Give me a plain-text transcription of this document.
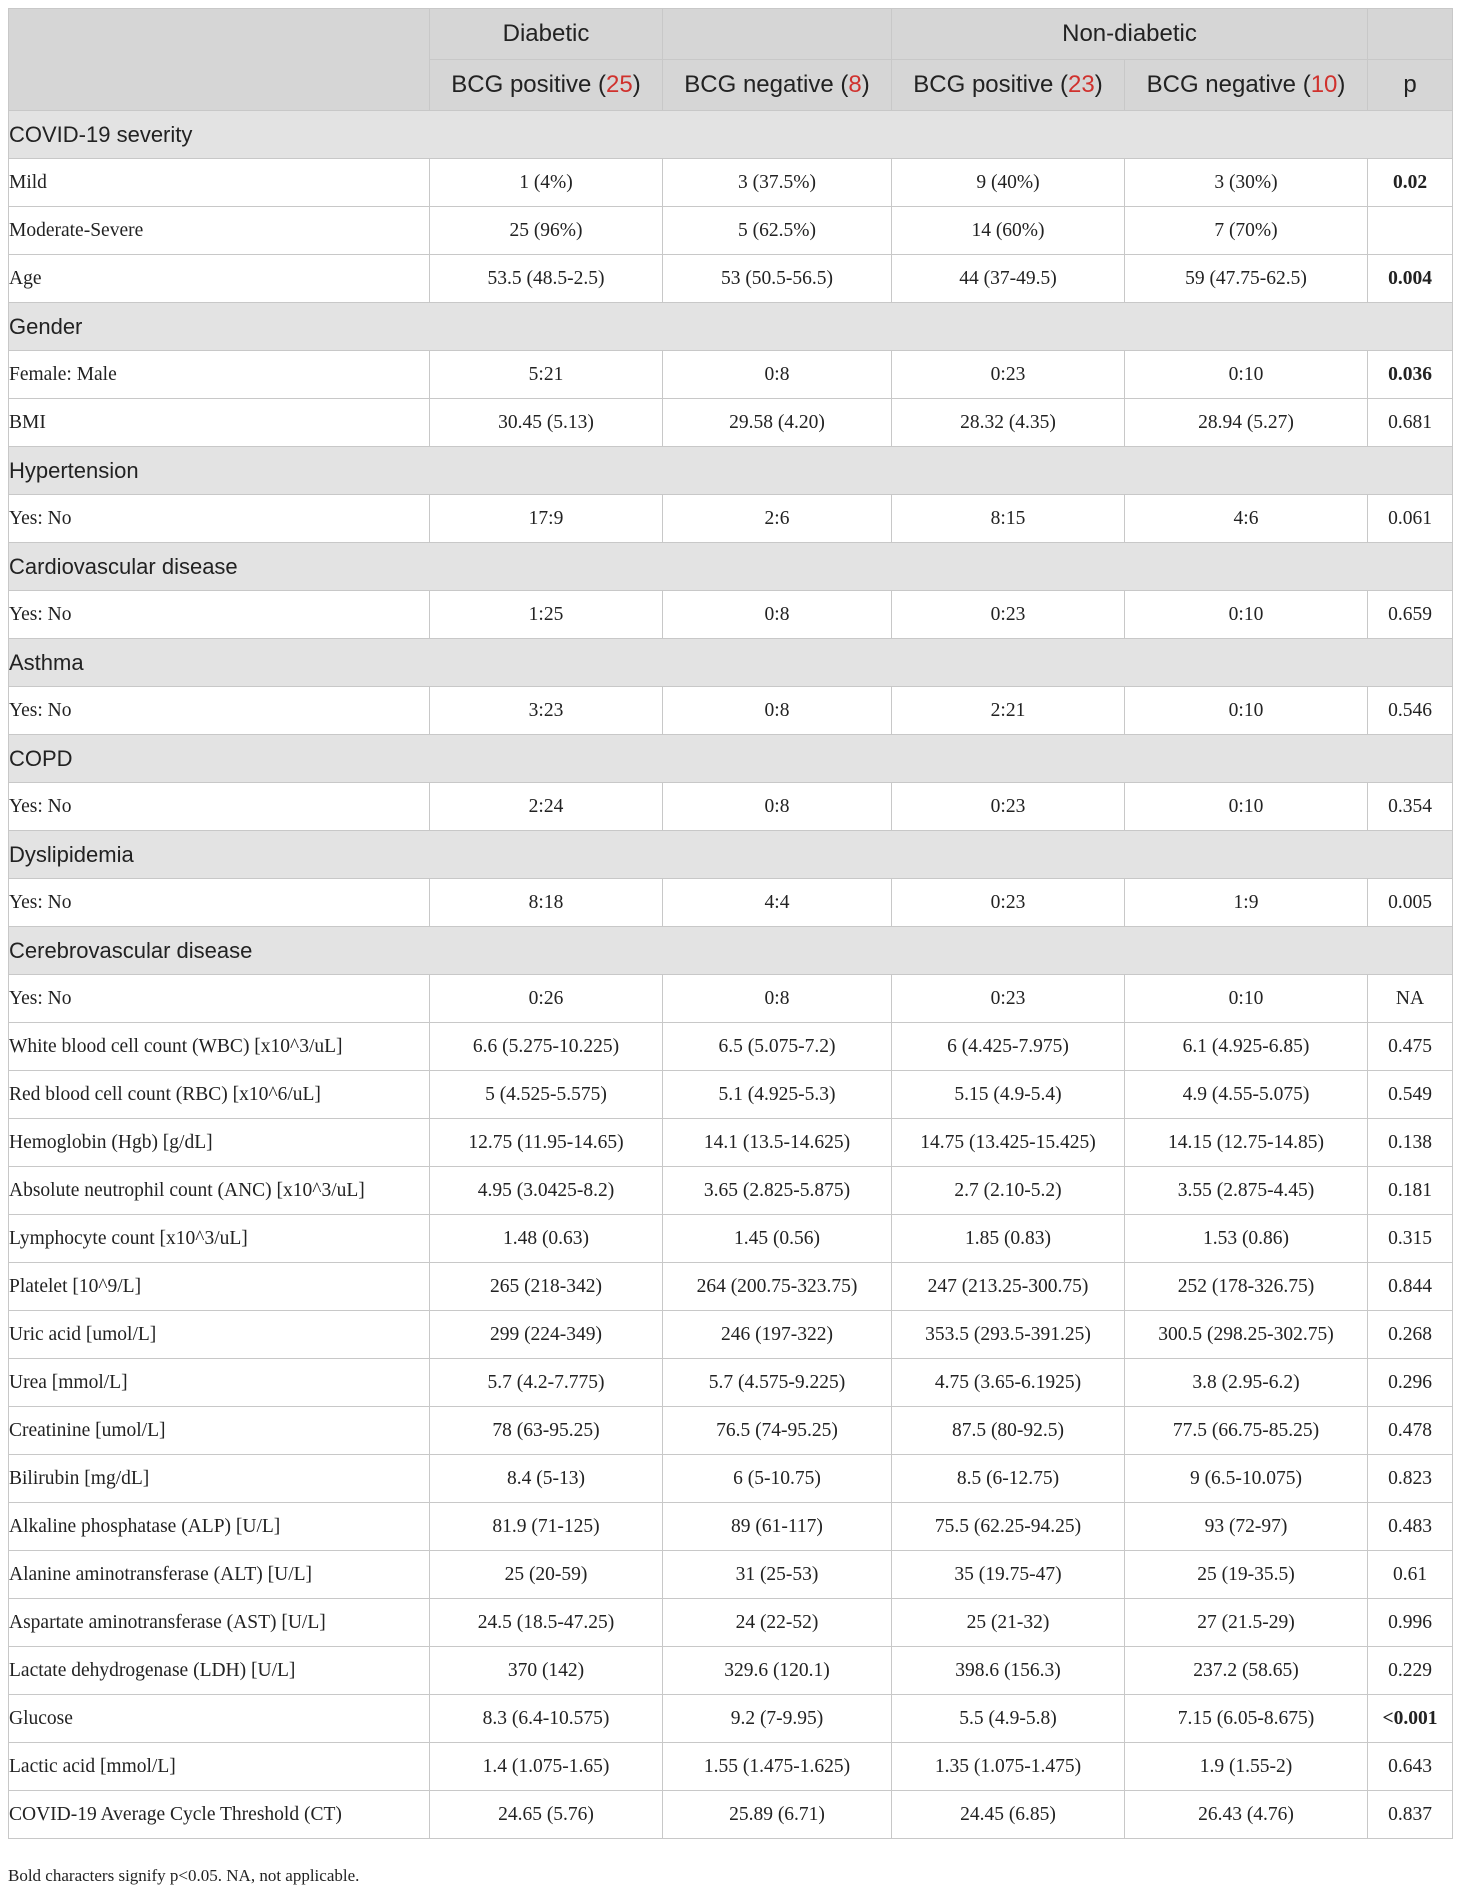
	Diabetic		Non-diabetic		
	BCG positive (25)	BCG negative (8)	BCG positive (23)	BCG negative (10)	p
COVID-19 severity					
Mild	1 (4%)	3 (37.5%)	9 (40%)	3 (30%)	0.02
Moderate-Severe	25 (96%)	5 (62.5%)	14 (60%)	7 (70%)	
Age	53.5 (48.5-2.5)	53 (50.5-56.5)	44 (37-49.5)	59 (47.75-62.5)	0.004
Gender					
Female: Male	5:21	0:8	0:23	0:10	0.036
BMI	30.45 (5.13)	29.58 (4.20)	28.32 (4.35)	28.94 (5.27)	0.681
Hypertension					
Yes: No	17:9	2:6	8:15	4:6	0.061
Cardiovascular disease					
Yes: No	1:25	0:8	0:23	0:10	0.659
Asthma					
Yes: No	3:23	0:8	2:21	0:10	0.546
COPD					
Yes: No	2:24	0:8	0:23	0:10	0.354
Dyslipidemia					
Yes: No	8:18	4:4	0:23	1:9	0.005
Cerebrovascular disease					
Yes: No	0:26	0:8	0:23	0:10	NA
White blood cell count (WBC) [x10^3/uL]	6.6 (5.275-10.225)	6.5 (5.075-7.2)	6 (4.425-7.975)	6.1 (4.925-6.85)	0.475
Red blood cell count (RBC) [x10^6/uL]	5 (4.525-5.575)	5.1 (4.925-5.3)	5.15 (4.9-5.4)	4.9 (4.55-5.075)	0.549
Hemoglobin (Hgb) [g/dL]	12.75 (11.95-14.65)	14.1 (13.5-14.625)	14.75 (13.425-15.425)	14.15 (12.75-14.85)	0.138
Absolute neutrophil count (ANC) [x10^3/uL]	4.95 (3.0425-8.2)	3.65 (2.825-5.875)	2.7 (2.10-5.2)	3.55 (2.875-4.45)	0.181
Lymphocyte count [x10^3/uL]	1.48 (0.63)	1.45 (0.56)	1.85 (0.83)	1.53 (0.86)	0.315
Platelet [10^9/L]	265 (218-342)	264 (200.75-323.75)	247 (213.25-300.75)	252 (178-326.75)	0.844
Uric acid [umol/L]	299 (224-349)	246 (197-322)	353.5 (293.5-391.25)	300.5 (298.25-302.75)	0.268
Urea [mmol/L]	5.7 (4.2-7.775)	5.7 (4.575-9.225)	4.75 (3.65-6.1925)	3.8 (2.95-6.2)	0.296
Creatinine [umol/L]	78 (63-95.25)	76.5 (74-95.25)	87.5 (80-92.5)	77.5 (66.75-85.25)	0.478
Bilirubin [mg/dL]	8.4 (5-13)	6 (5-10.75)	8.5 (6-12.75)	9 (6.5-10.075)	0.823
Alkaline phosphatase (ALP) [U/L]	81.9 (71-125)	89 (61-117)	75.5 (62.25-94.25)	93 (72-97)	0.483
Alanine aminotransferase (ALT) [U/L]	25 (20-59)	31 (25-53)	35 (19.75-47)	25 (19-35.5)	0.61
Aspartate aminotransferase (AST) [U/L]	24.5 (18.5-47.25)	24 (22-52)	25 (21-32)	27 (21.5-29)	0.996
Lactate dehydrogenase (LDH) [U/L]	370 (142)	329.6 (120.1)	398.6 (156.3)	237.2 (58.65)	0.229
Glucose	8.3 (6.4-10.575)	9.2 (7-9.95)	5.5 (4.9-5.8)	7.15 (6.05-8.675)	<0.001
Lactic acid [mmol/L]	1.4 (1.075-1.65)	1.55 (1.475-1.625)	1.35 (1.075-1.475)	1.9 (1.55-2)	0.643
COVID-19 Average Cycle Threshold (CT)	24.65 (5.76)	25.89 (6.71)	24.45 (6.85)	26.43 (4.76)	0.837
Bold characters signify p<0.05. NA, not applicable.
